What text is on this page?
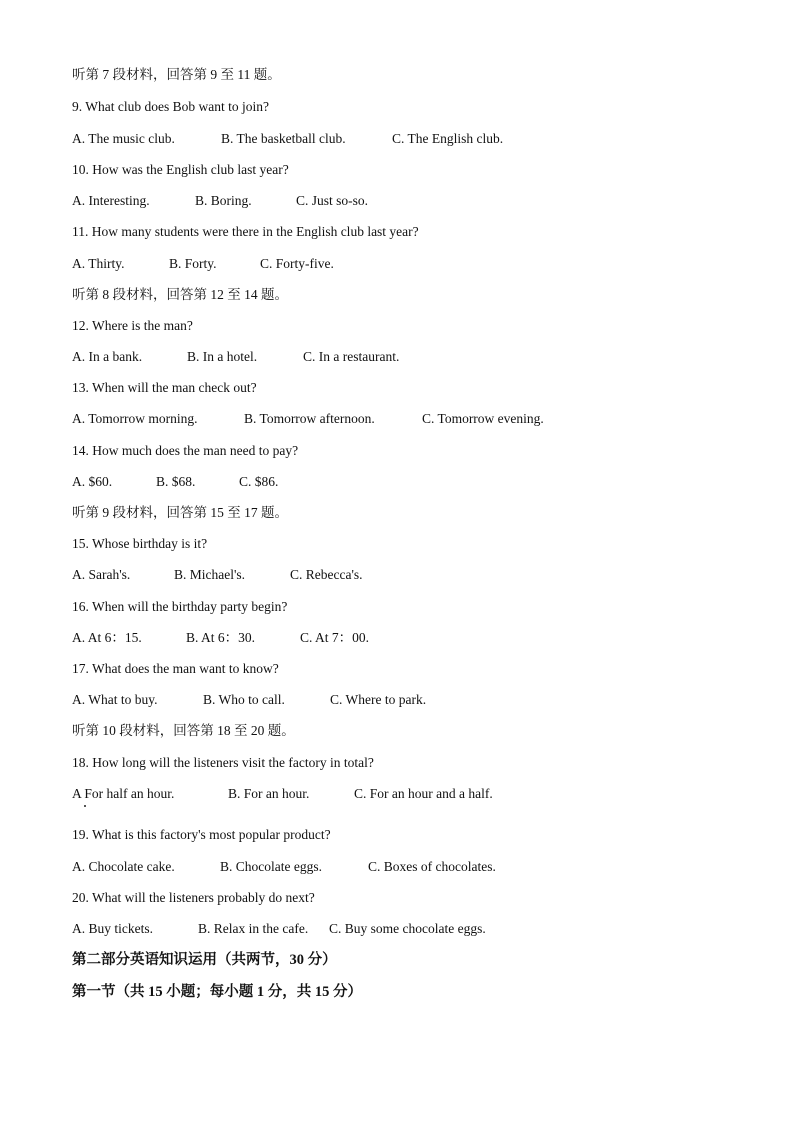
听第 7 段材料，回答第 9 至 11 题。
9. What club does Bob want to join?
A. The music club.	B. The basketball club.	C. The English club.
10. How was the English club last year?
A. Interesting.	B. Boring.	C. Just so-so.
11. How many students were there in the English club last year?
A. Thirty.	B. Forty.	C. Forty-five.
听第 8 段材料，回答第 12 至 14 题。
12. Where is the man?
A. In a bank.	B. In a hotel.	C. In a restaurant.
13. When will the man check out?
A. Tomorrow morning.	B. Tomorrow afternoon.	C. Tomorrow evening.
14. How much does the man need to pay?
A. $60.	B. $68.	C. $86.
听第 9 段材料，回答第 15 至 17 题。
15. Whose birthday is it?
A. Sarah's.	B. Michael's.	C. Rebecca's.
16. When will the birthday party begin?
A. At 6：15.	B. At 6：30.	C. At 7：00.
17. What does the man want to know?
A. What to buy.	B. Who to call.	C. Where to park.
听第 10 段材料，回答第 18 至 20 题。
18. How long will the listeners visit the factory in total?
A For half an hour.	B. For an hour.	C. For an hour and a half.
19. What is this factory's most popular product?
A. Chocolate cake.	B. Chocolate eggs.	C. Boxes of chocolates.
20. What will the listeners probably do next?
A. Buy tickets.	B. Relax in the cafe. C. Buy some chocolate eggs.
第二部分英语知识运用（共两节，30 分）
第一节（共 15 小题；每小题 1 分，共 15 分）
